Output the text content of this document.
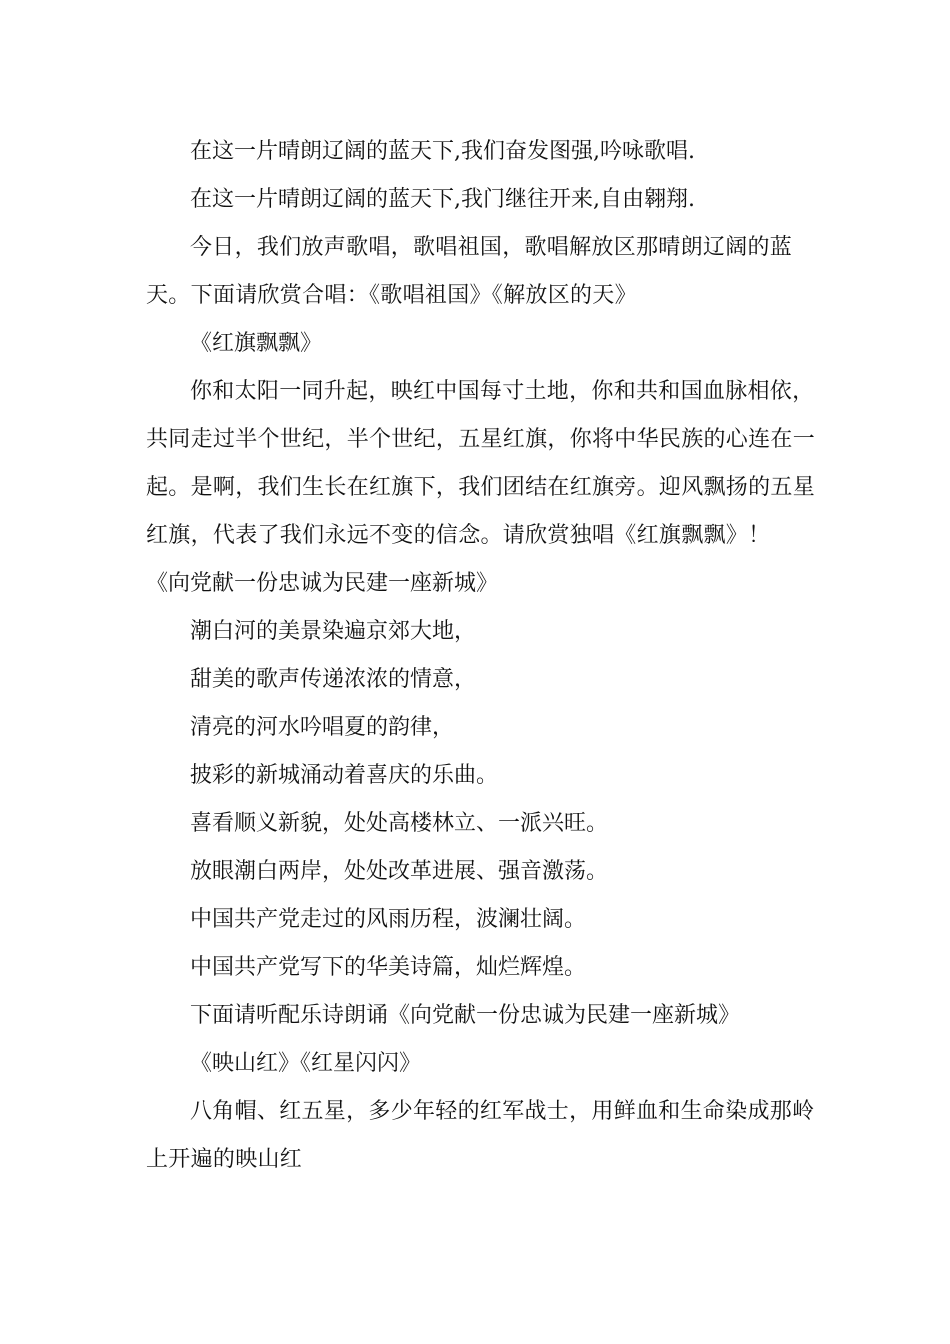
在这一片晴朗辽阔的蓝天下,我们奋发图强,吟咏歌唱.

在这一片晴朗辽阔的蓝天下,我门继往开来,自由翱翔.

今日，我们放声歌唱，歌唱祖国，歌唱解放区那晴朗辽阔的蓝天。下面请欣赏合唱：《歌唱祖国》《解放区的天》

《红旗飘飘》

你和太阳一同升起，映红中国每寸土地，你和共和国血脉相依，共同走过半个世纪，半个世纪，五星红旗，你将中华民族的心连在一起。是啊，我们生长在红旗下，我们团结在红旗旁。迎风飘扬的五星红旗，代表了我们永远不变的信念。请欣赏独唱《红旗飘飘》！

《向党献一份忠诚为民建一座新城》

潮白河的美景染遍京郊大地，

甜美的歌声传递浓浓的情意，

清亮的河水吟唱夏的韵律，

披彩的新城涌动着喜庆的乐曲。

喜看顺义新貌，处处高楼林立、一派兴旺。

放眼潮白两岸，处处改革进展、强音激荡。

中国共产党走过的风雨历程，波澜壮阔。

中国共产党写下的华美诗篇，灿烂辉煌。

下面请听配乐诗朗诵《向党献一份忠诚为民建一座新城》

《映山红》《红星闪闪》

八角帽、红五星，多少年轻的红军战士，用鲜血和生命染成那岭上开遍的映山红
